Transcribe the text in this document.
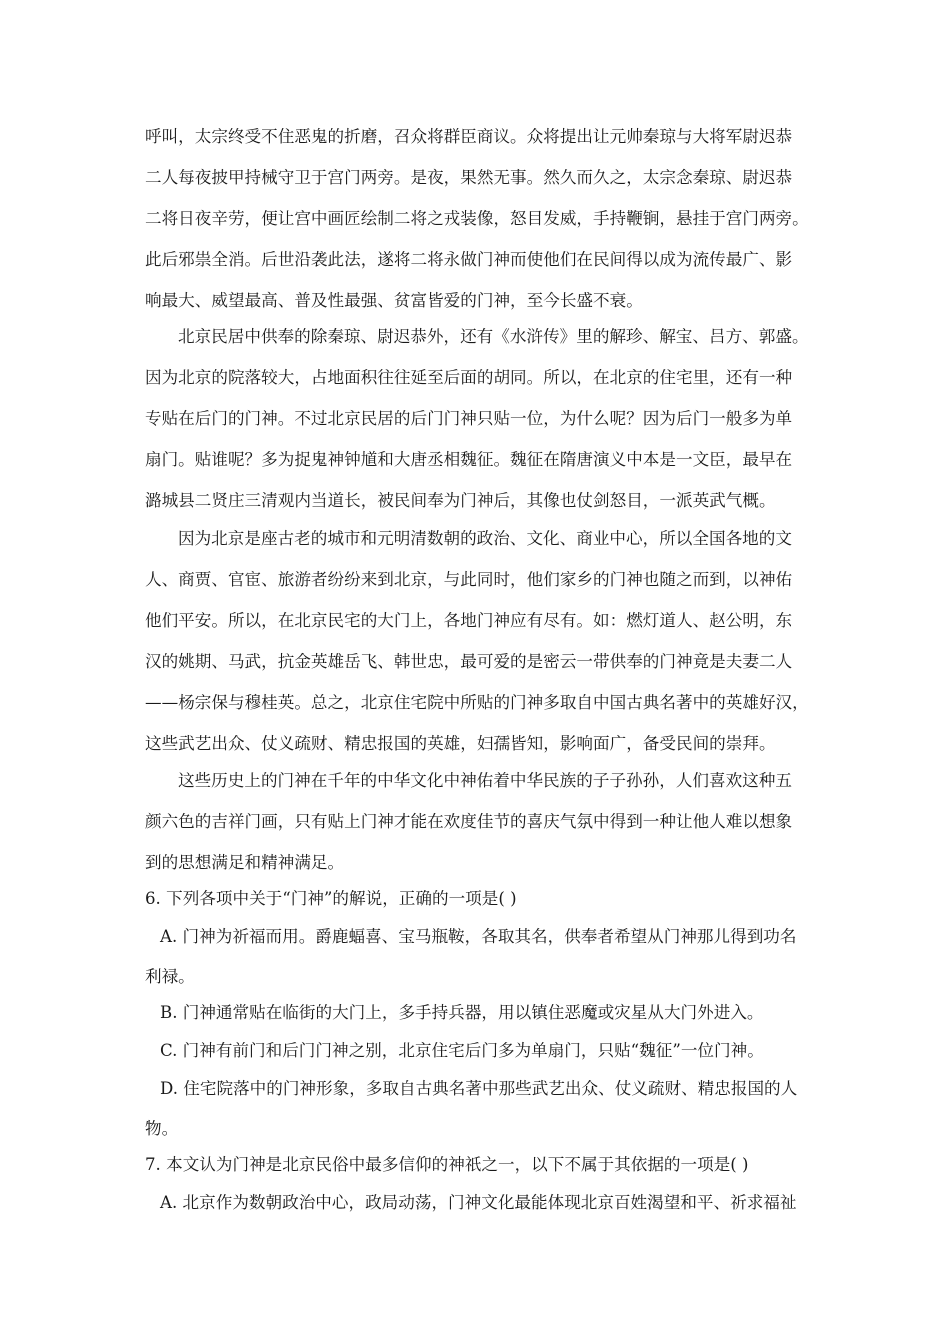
呼叫，太宗终受不住恶鬼的折磨，召众将群臣商议。众将提出让元帅秦琼与大将军尉迟恭
二人每夜披甲持械守卫于宫门两旁。是夜，果然无事。然久而久之，太宗念秦琼、尉迟恭
二将日夜辛劳，便让宫中画匠绘制二将之戎装像，怒目发威，手持鞭锏，悬挂于宫门两旁。
此后邪祟全消。后世沿袭此法，遂将二将永做门神而使他们在民间得以成为流传最广、影
响最大、威望最高、普及性最强、贫富皆爱的门神，至今长盛不衰。
北京民居中供奉的除秦琼、尉迟恭外，还有《水浒传》里的解珍、解宝、吕方、郭盛。
因为北京的院落较大，占地面积往往延至后面的胡同。所以，在北京的住宅里，还有一种
专贴在后门的门神。不过北京民居的后门门神只贴一位，为什么呢？因为后门一般多为单
扇门。贴谁呢？多为捉鬼神钟馗和大唐丞相魏征。魏征在隋唐演义中本是一文臣，最早在
潞城县二贤庄三清观内当道长，被民间奉为门神后，其像也仗剑怒目，一派英武气概。
因为北京是座古老的城市和元明清数朝的政治、文化、商业中心，所以全国各地的文
人、商贾、官宦、旅游者纷纷来到北京，与此同时，他们家乡的门神也随之而到，以神佑
他们平安。所以，在北京民宅的大门上，各地门神应有尽有。如：燃灯道人、赵公明，东
汉的姚期、马武，抗金英雄岳飞、韩世忠，最可爱的是密云一带供奉的门神竟是夫妻二人
——杨宗保与穆桂英。总之，北京住宅院中所贴的门神多取自中国古典名著中的英雄好汉，
这些武艺出众、仗义疏财、精忠报国的英雄，妇孺皆知，影响面广，备受民间的崇拜。
这些历史上的门神在千年的中华文化中神佑着中华民族的子子孙孙，人们喜欢这种五
颜六色的吉祥门画，只有贴上门神才能在欢度佳节的喜庆气氛中得到一种让他人难以想象
到的思想满足和精神满足。
6. 下列各项中关于“门神”的解说，正确的一项是( )
A. 门神为祈福而用。爵鹿蝠喜、宝马瓶鞍，各取其名，供奉者希望从门神那儿得到功名
利禄。
B. 门神通常贴在临街的大门上，多手持兵器，用以镇住恶魔或灾星从大门外进入。
C. 门神有前门和后门门神之别，北京住宅后门多为单扇门，只贴“魏征”一位门神。
D. 住宅院落中的门神形象，多取自古典名著中那些武艺出众、仗义疏财、精忠报国的人
物。
7. 本文认为门神是北京民俗中最多信仰的神祇之一，以下不属于其依据的一项是( )
A. 北京作为数朝政治中心，政局动荡，门神文化最能体现北京百姓渴望和平、祈求福祉
